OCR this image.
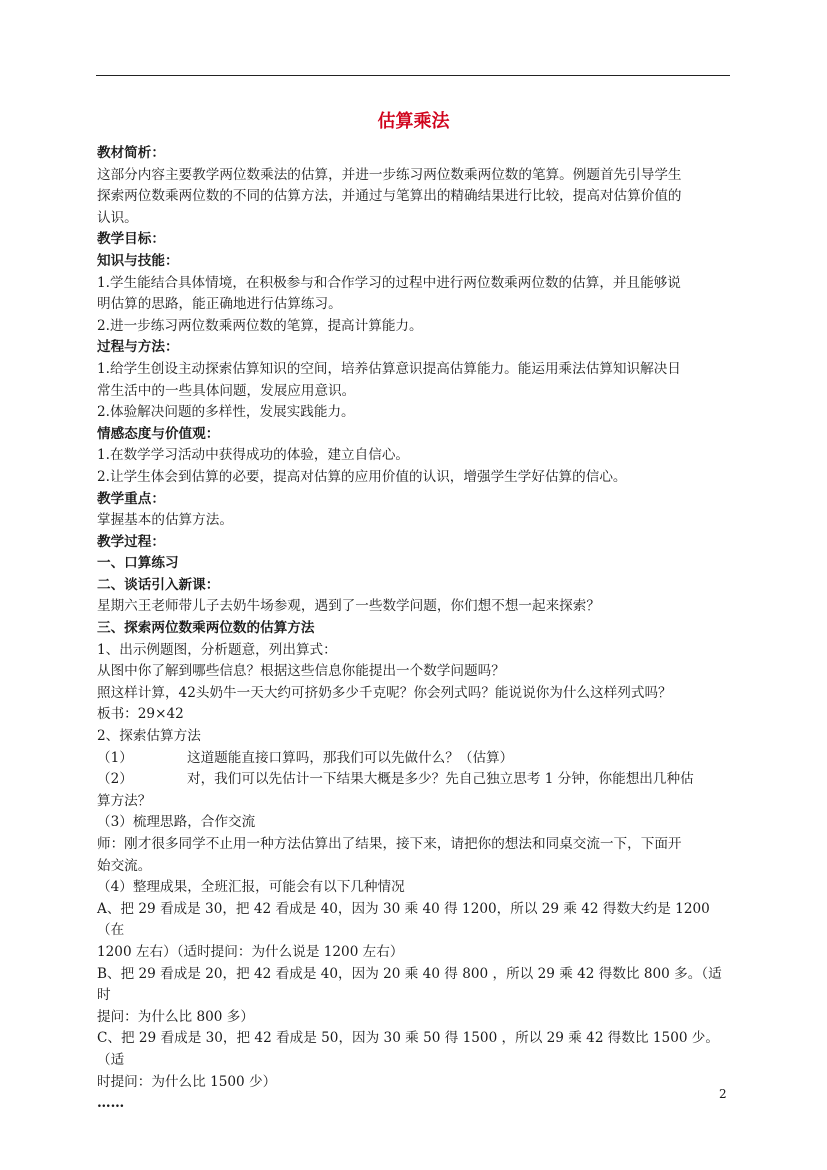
估算乘法

教材简析：

这部分内容主要教学两位数乘法的估算，并进一步练习两位数乘两位数的笔算。例题首先引导学生

探索两位数乘两位数的不同的估算方法，并通过与笔算出的精确结果进行比较，提高对估算价值的

认识。

教学目标：

知识与技能：

1.学生能结合具体情境，在积极参与和合作学习的过程中进行两位数乘两位数的估算，并且能够说

明估算的思路，能正确地进行估算练习。

2.进一步练习两位数乘两位数的笔算，提高计算能力。

过程与方法：

1.给学生创设主动探索估算知识的空间，培养估算意识提高估算能力。能运用乘法估算知识解决日

常生活中的一些具体问题，发展应用意识。

2.体验解决问题的多样性，发展实践能力。

情感态度与价值观：

1.在数学学习活动中获得成功的体验，建立自信心。

2.让学生体会到估算的必要，提高对估算的应用价值的认识，增强学生学好估算的信心。

教学重点：

掌握基本的估算方法。

教学过程：

一、口算练习

二、谈话引入新课：

星期六王老师带儿子去奶牛场参观，遇到了一些数学问题，你们想不想一起来探索？

三、探索两位数乘两位数的估算方法

1、出示例题图，分析题意，列出算式：

从图中你了解到哪些信息？根据这些信息你能提出一个数学问题吗？

照这样计算，42头奶牛一天大约可挤奶多少千克呢？你会列式吗？能说说你为什么这样列式吗？

板书：29×42

2、探索估算方法

（1）	这道题能直接口算吗，那我们可以先做什么？（估算）

（2）	对，我们可以先估计一下结果大概是多少？先自己独立思考 1 分钟，你能想出几种估

算方法？

（3）梳理思路，合作交流

师：刚才很多同学不止用一种方法估算出了结果，接下来，请把你的想法和同桌交流一下，下面开

始交流。

（4）整理成果，全班汇报，可能会有以下几种情况

A、把 29 看成是 30，把 42 看成是 40，因为 30 乘 40 得 1200，所以 29 乘 42 得数大约是 1200 （在

1200 左右）（适时提问：为什么说是 1200 左右）

B、把 29 看成是 20，把 42 看成是 40，因为 20 乘 40 得 800 ，所以 29 乘 42 得数比 800 多。（适时

提问：为什么比 800 多）

C、把 29 看成是 30，把 42 看成是 50，因为 30 乘 50 得 1500 ，所以 29 乘 42 得数比 1500 少。 （适

时提问：为什么比 1500 少）

……

2
